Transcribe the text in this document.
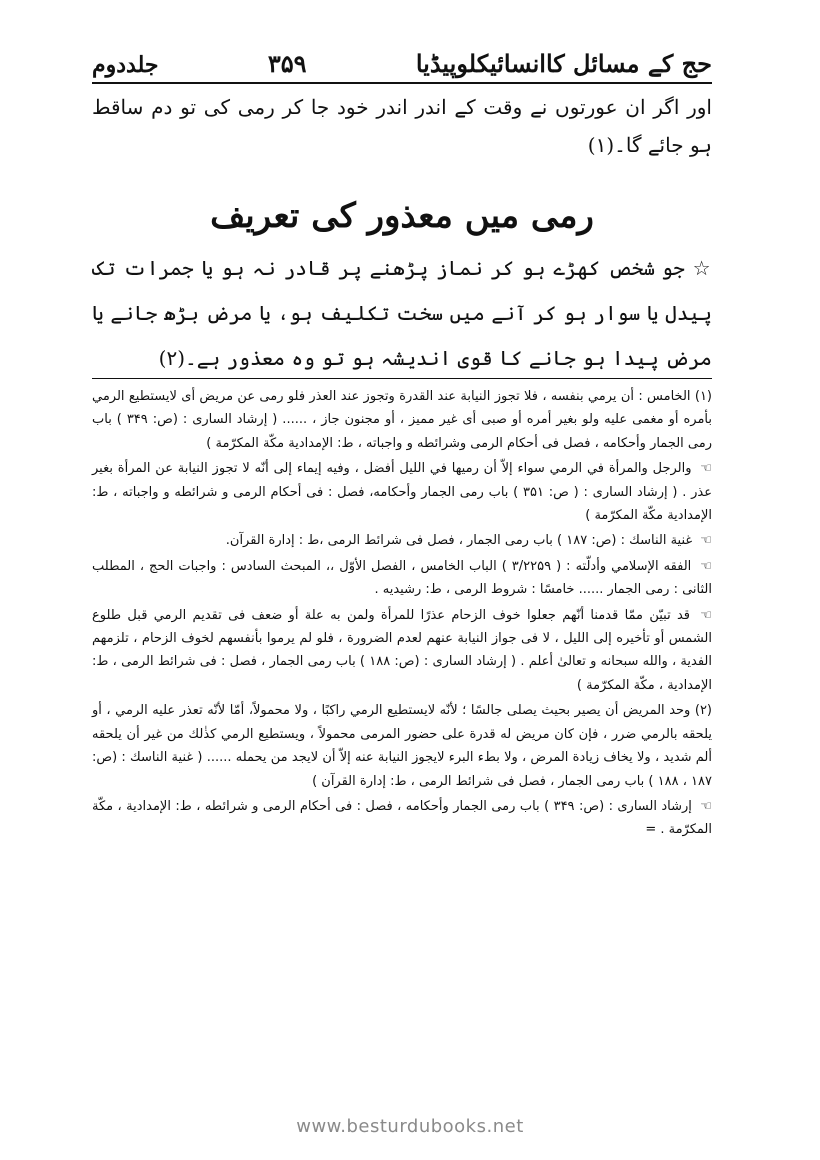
حج کے مسائل کاانسائیکلوپیڈیا
۳۵۹
جلددوم
اور اگر ان عورتوں نے وقت کے اندر اندر خود جا کر رمی کی تو دم ساقط ہو جائے گا۔(۱)
رمی میں معذور کی تعریف
☆ جو شخص کھڑے ہو کر نماز پڑھنے پر قادر نہ ہو یا جمرات تک پیدل یا سوار ہو کر آنے میں سخت تکلیف ہو، یا مرض بڑھ جانے یا مرض پیدا ہو جانے کا قوی اندیشہ ہو تو وہ معذور ہے۔(۲)

(۱) الخامس : أن يرمي بنفسه ، فلا تجوز النيابة عند القدرة وتجوز عند العذر فلو رمى عن مريض أى لايستطيع الرمي بأمره أو مغمى عليه ولو بغير أمره أو صبى أى غير مميز ، أو مجنون جاز ، ...... ( إرشاد السارى : (ص: ۳۴۹ ) باب رمى الجمار وأحكامه ، فصل فى أحكام الرمى وشرائطه و واجباته ، ط: الإمدادية مكّة المكرّمة )

☜ والرجل والمرأة في الرمي سواء إلاّ أن رميها في الليل أفضل ، وفيه إيماء إلى أنّه لا تجوز النيابة عن المرأة بغير عذر . ( إرشاد السارى : ( ص: ۳۵۱ ) باب رمى الجمار وأحكامه، فصل : فى أحكام الرمى و شرائطه و واجباته ، ط: الإمدادية مكّة المكرّمة )

☜ غنية الناسك : (ص: ۱۸۷ ) باب رمى الجمار ، فصل فى شرائط الرمى ،ط : إدارة القرآن.

☜ الفقه الإسلامي وأدلّته : ( ۳/۲۲۵۹ ) الباب الخامس ، الفصل الأوّل ،، المبحث السادس : واجبات الحج ، المطلب الثانى : رمى الجمار ...... خامسًا : شروط الرمى ، ط: رشيديه .

☜ قد تبيّن ممّا قدمنا أنّهم جعلوا خوف الزحام عذرًا للمرأة ولمن به علة أو ضعف فى تقديم الرمي قبل طلوع الشمس أو تأخيره إلى الليل ، لا فى جواز النيابة عنهم لعدم الضرورة ، فلو لم يرموا بأنفسهم لخوف الزحام ، تلزمهم الفدية ، والله سبحانه و تعالىٰ أعلم . ( إرشاد السارى : (ص: ۱۸۸ ) باب رمى الجمار ، فصل : فى شرائط الرمى ، ط: الإمدادية ، مكّة المكرّمة )

(۲) وحد المريض أن يصير بحيث يصلى جالسًا ؛ لأنّه لايستطيع الرمي راكبًا ، ولا محمولاً، أمّا لأنّه تعذر عليه الرمي ، أو يلحقه بالرمي ضرر ، فإن كان مريض له قدرة على حضور المرمى محمولاً ، ويستطيع الرمي كذٰلك من غير أن يلحقه ألم شديد ، ولا يخاف زيادة المرض ، ولا بطء البرء لايجوز النيابة عنه إلاّ أن لايجد من يحمله ...... ( غنية الناسك : (ص: ۱۸۷ ، ۱۸۸ ) باب رمى الجمار ، فصل فى شرائط الرمى ، ط: إدارة القرآن )

☜ إرشاد السارى : (ص: ۳۴۹ ) باب رمى الجمار وأحكامه ، فصل : فى أحكام الرمى و شرائطه ، ط: الإمدادية ، مكّة المكرّمة . =

www.besturdubooks.net
